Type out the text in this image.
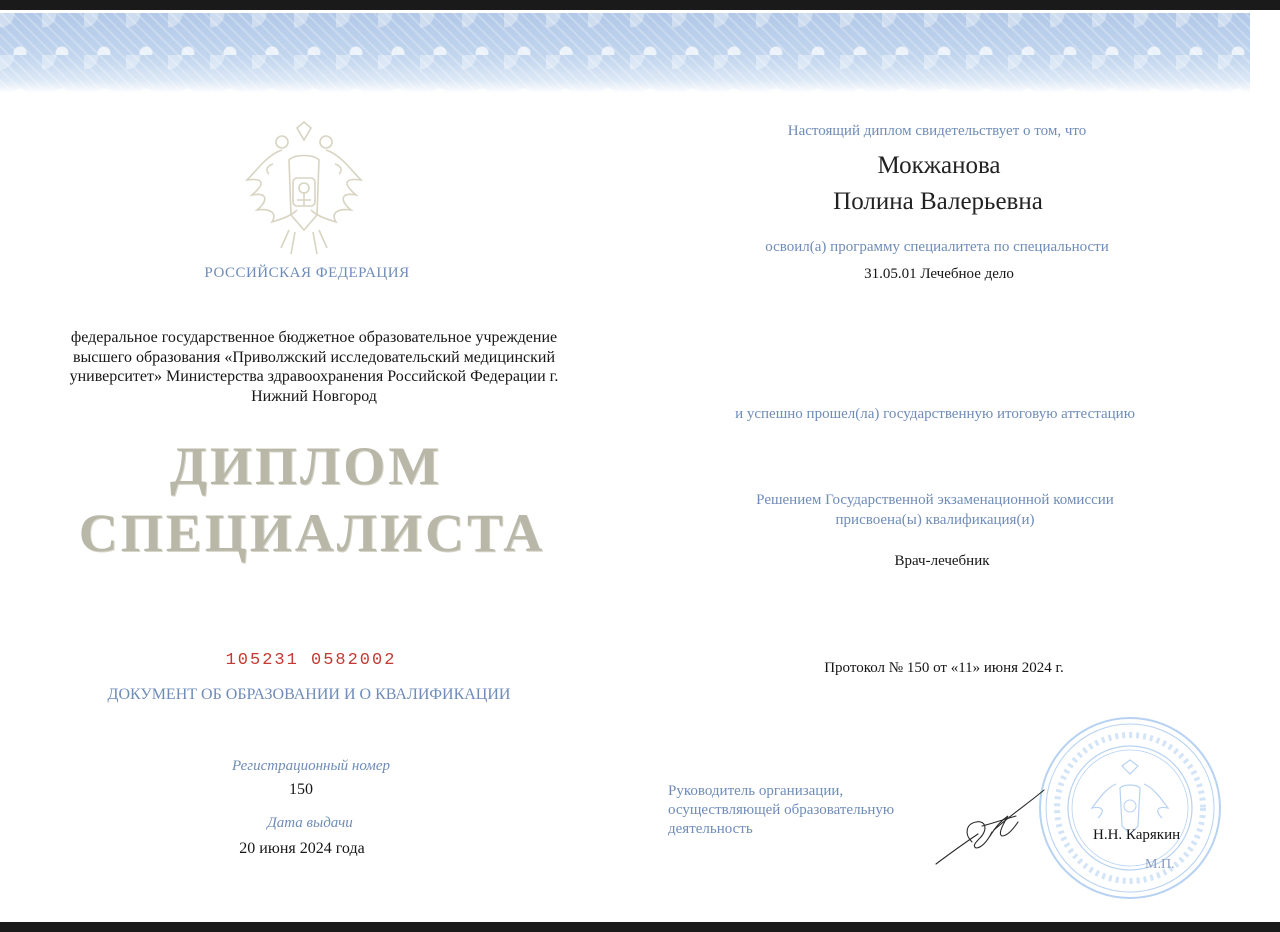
РОССИЙСКАЯ ФЕДЕРАЦИЯ
федеральное государственное бюджетное образовательное учреждение высшего образования «Приволжский исследовательский медицинский университет» Министерства здравоохранения Российской Федерации г. Нижний Новгород
ДИПЛОМ
СПЕЦИАЛИСТА
105231 0582002
ДОКУМЕНТ ОБ ОБРАЗОВАНИИ И О КВАЛИФИКАЦИИ
Регистрационный номер
150
Дата выдачи
20 июня 2024 года
Настоящий диплом свидетельствует о том, что
Мокжанова
Полина Валерьевна
освоил(а) программу специалитета по специальности
31.05.01 Лечебное дело
и успешно прошел(ла) государственную итоговую аттестацию
Решением Государственной экзаменационной комиссии
присвоена(ы) квалификация(и)
Врач-лечебник
Протокол № 150 от «11» июня 2024 г.
Руководитель организации,
осуществляющей образовательную
деятельность	Н.Н. Карякин
М.П.
